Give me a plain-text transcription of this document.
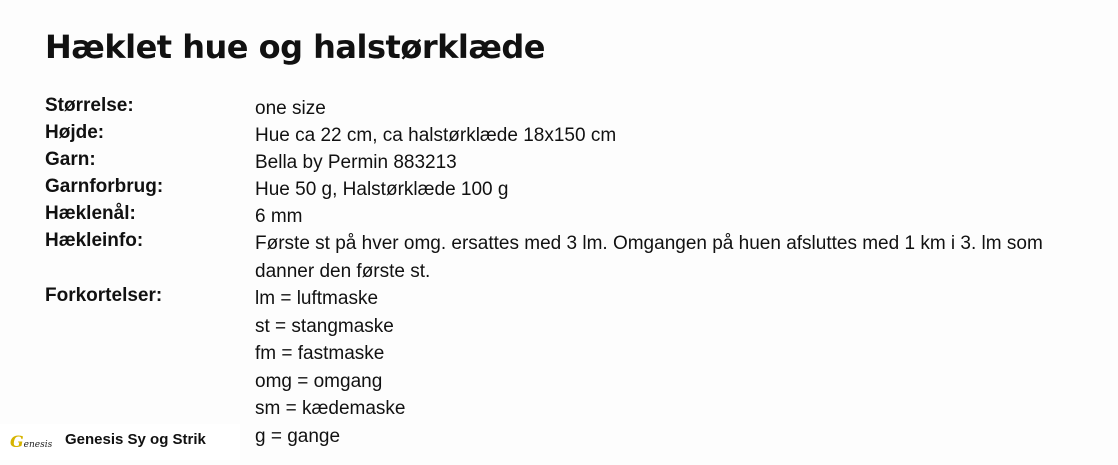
Hæklet hue og halstørklæde
Størrelse:	one size
Højde:	Hue ca 22 cm, ca halstørklæde 18x150 cm
Garn:	Bella by Permin 883213
Garnforbrug:	Hue 50 g, Halstørklæde 100 g
Hæklenål:	6 mm
Hækleinfo:	Første st på hver omg. ersattes med 3 lm. Omgangen på huen afsluttes med 1 km i 3. lm som danner den første st.
Forkortelser:	lm = luftmaske
st = stangmaske
fm = fastmaske
omg = omgang
sm = kædemaske
g = gange
Genesis Genesis Sy og Strik
